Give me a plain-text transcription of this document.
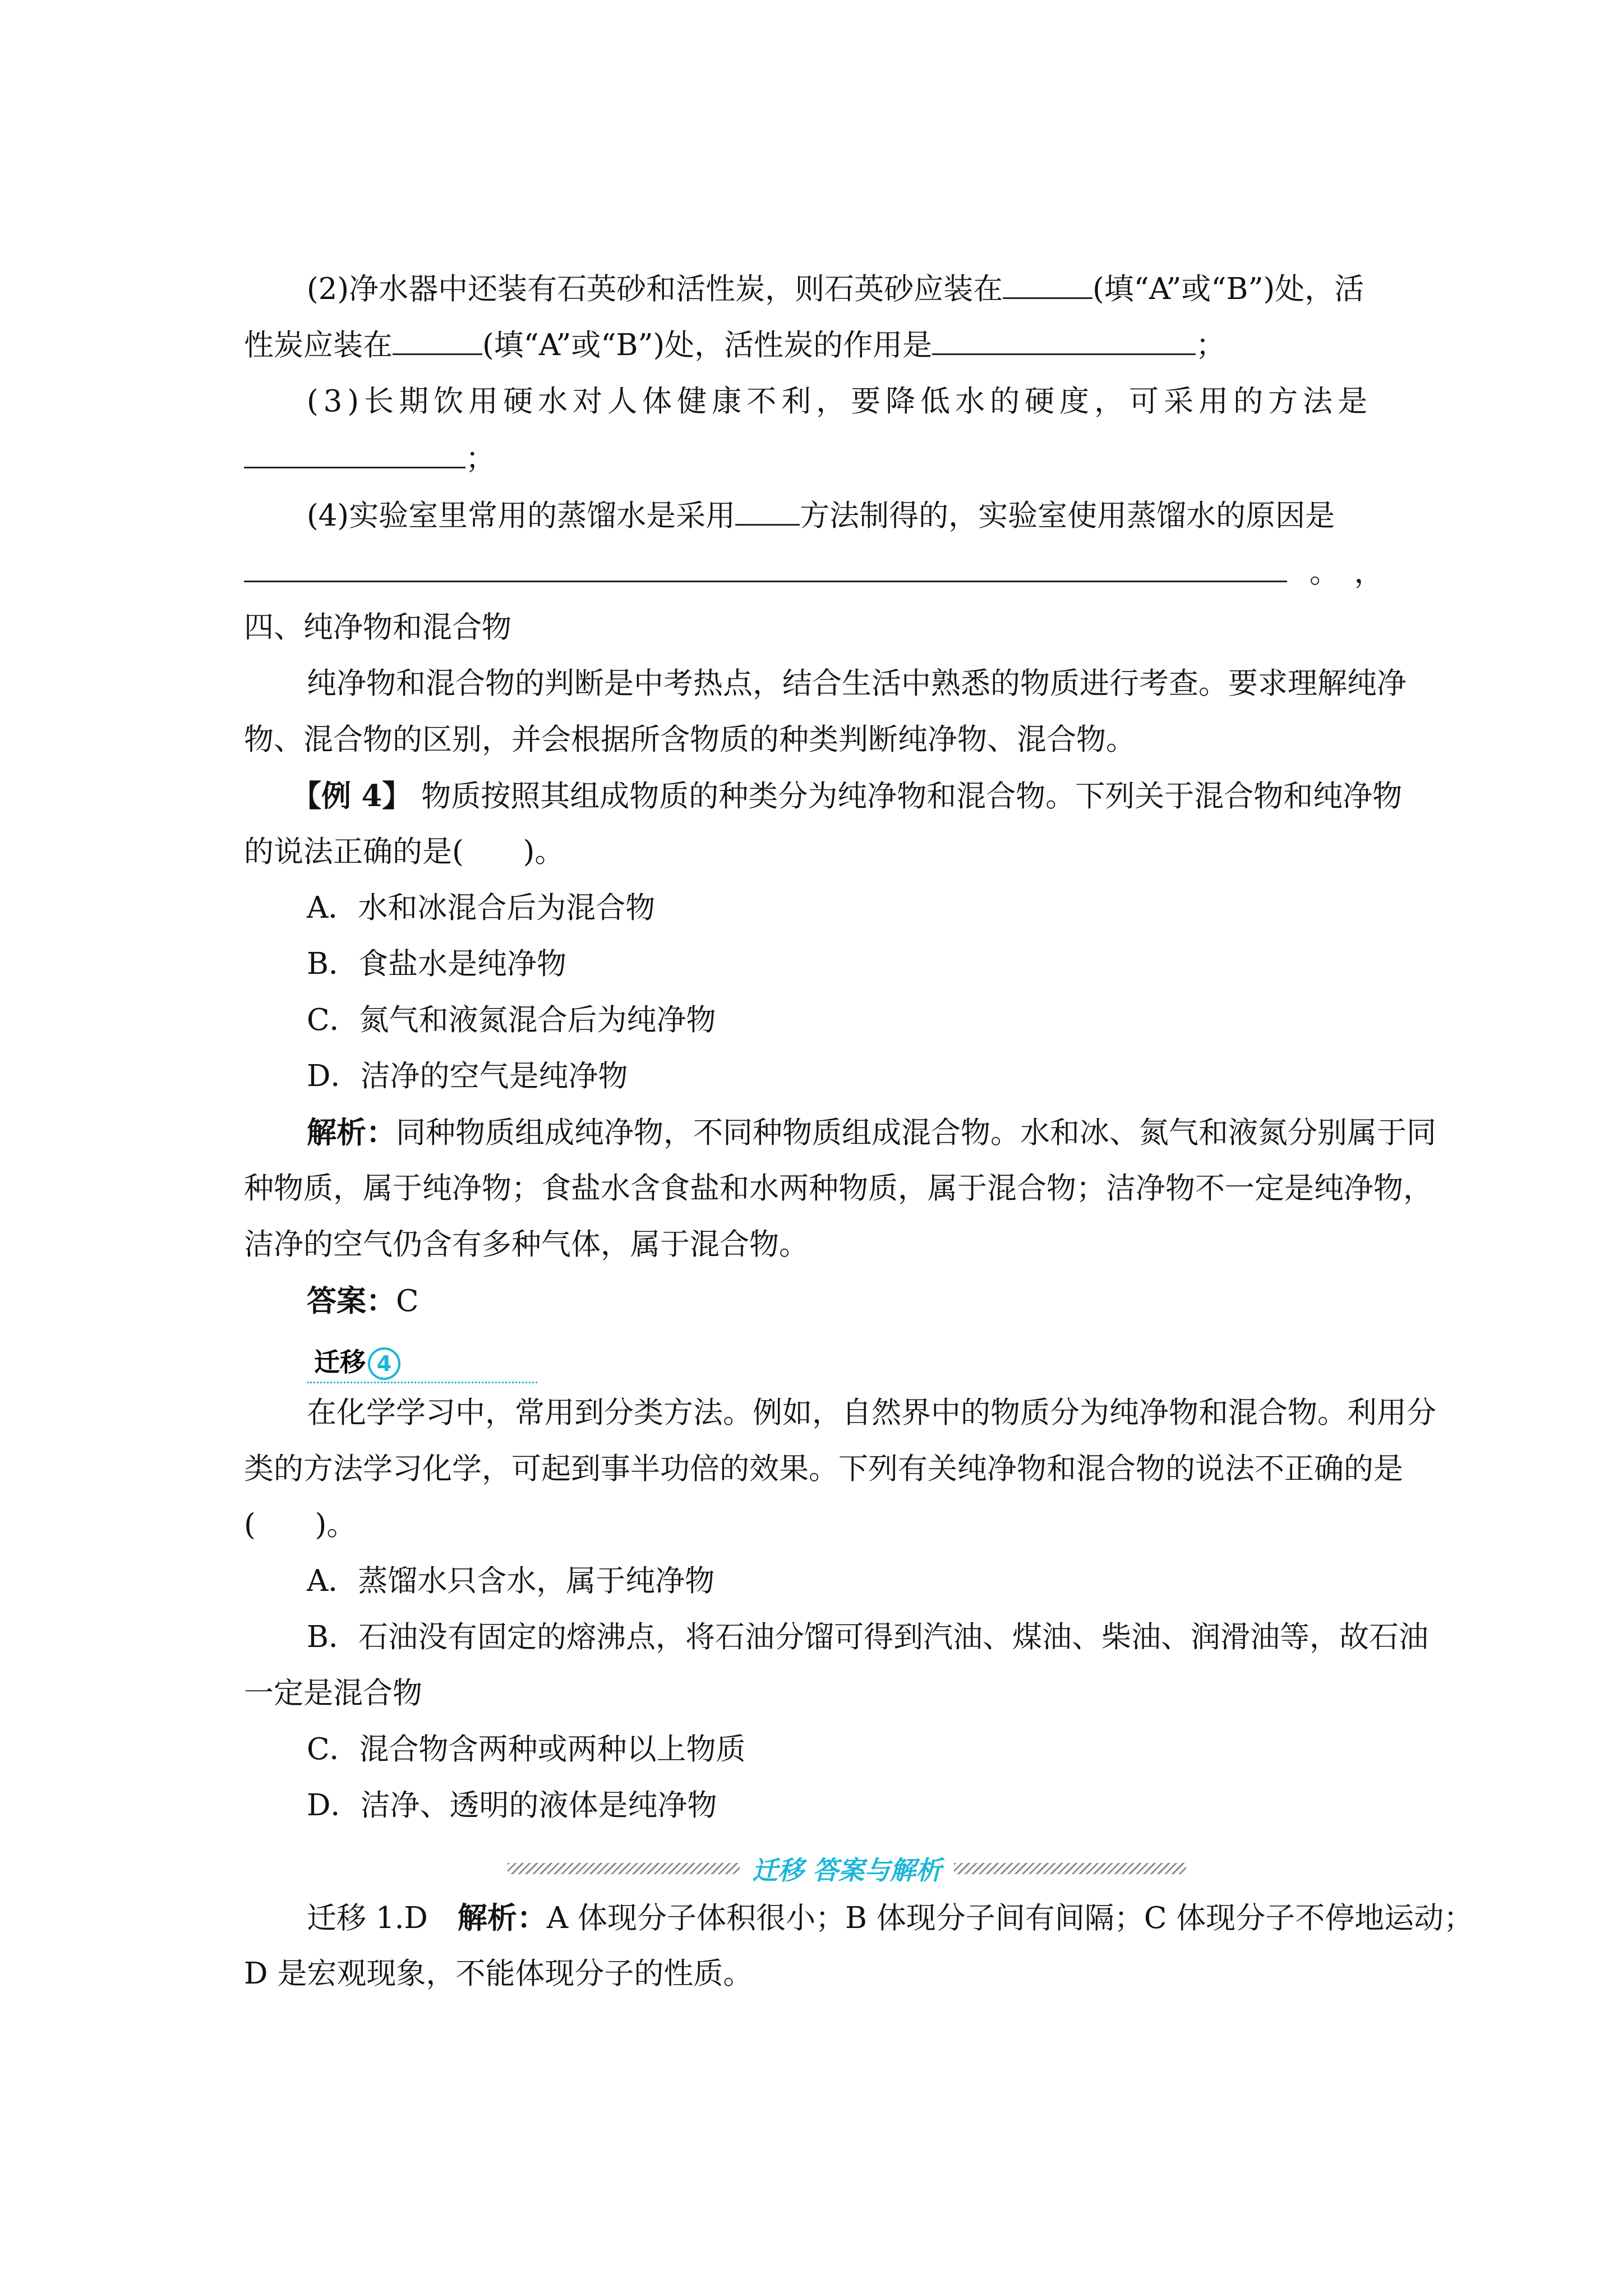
(2)净水器中还装有石英砂和活性炭，则石英砂应装在	(填“A”或“B”)处，活
性炭应装在	(填“A”或“B”)处，活性炭的作用是	；
(3)长期饮用硬水对人体健康不利，要降低水的硬度，可采用的方法是
；
(4)实验室里常用的蒸馏水是采用 方法制得的，实验室使用蒸馏水的原因是
。　，
四、纯净物和混合物
纯净物和混合物的判断是中考热点，结合生活中熟悉的物质进行考查。要求理解纯净
物、混合物的区别，并会根据所含物质的种类判断纯净物、混合物。
【例 4】 物质按照其组成物质的种类分为纯净物和混合物。下列关于混合物和纯净物
的说法正确的是(　　)。
A．水和冰混合后为混合物
B．食盐水是纯净物
C．氮气和液氮混合后为纯净物
D．洁净的空气是纯净物
解析：同种物质组成纯净物，不同种物质组成混合物。水和冰、氮气和液氮分别属于同
种物质，属于纯净物；食盐水含食盐和水两种物质，属于混合物；洁净物不一定是纯净物，
洁净的空气仍含有多种气体，属于混合物。
答案：C
迁移 4
在化学学习中，常用到分类方法。例如，自然界中的物质分为纯净物和混合物。利用分
类的方法学习化学，可起到事半功倍的效果。下列有关纯净物和混合物的说法不正确的是
(　　)。
A．蒸馏水只含水，属于纯净物
B．石油没有固定的熔沸点，将石油分馏可得到汽油、煤油、柴油、润滑油等，故石油
一定是混合物
C．混合物含两种或两种以上物质
D．洁净、透明的液体是纯净物
迁移 答案与解析
迁移 1.D　解析：A 体现分子体积很小；B 体现分子间有间隔；C 体现分子不停地运动；
D 是宏观现象，不能体现分子的性质。
